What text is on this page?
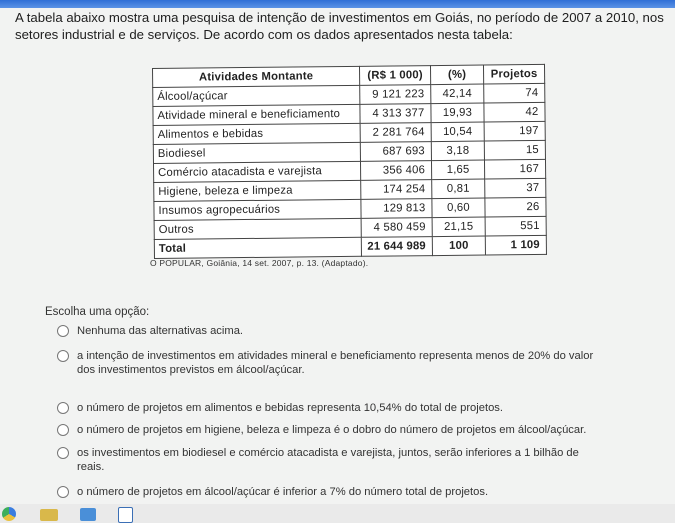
A tabela abaixo mostra uma pesquisa de intenção de investimentos em Goiás, no período de 2007 a 2010, nos setores industrial e de serviços. De acordo com os dados apresentados nesta tabela:
Atividades Montante	(R$ 1 000)	(%)	Projetos
Álcool/açúcar	9 121 223	42,14	74
Atividade mineral e beneficiamento	4 313 377	19,93	42
Alimentos e bebidas	2 281 764	10,54	197
Biodiesel	687 693	3,18	15
Comércio atacadista e varejista	356 406	1,65	167
Higiene, beleza e limpeza	174 254	0,81	37
Insumos agropecuários	129 813	0,60	26
Outros	4 580 459	21,15	551
Total	21 644 989	100	1 109
O POPULAR, Goiânia, 14 set. 2007, p. 13. (Adaptado).
Escolha uma opção:
Nenhuma das alternativas acima.
a intenção de investimentos em atividades mineral e beneficiamento representa menos de 20% do valor
dos investimentos previstos em álcool/açúcar.
o número de projetos em alimentos e bebidas representa 10,54% do total de projetos.
o número de projetos em higiene, beleza e limpeza é o dobro do número de projetos em álcool/açúcar.
os investimentos em biodiesel e comércio atacadista e varejista, juntos, serão inferiores a 1 bilhão de
reais.
o número de projetos em álcool/açúcar é inferior a 7% do número total de projetos.
